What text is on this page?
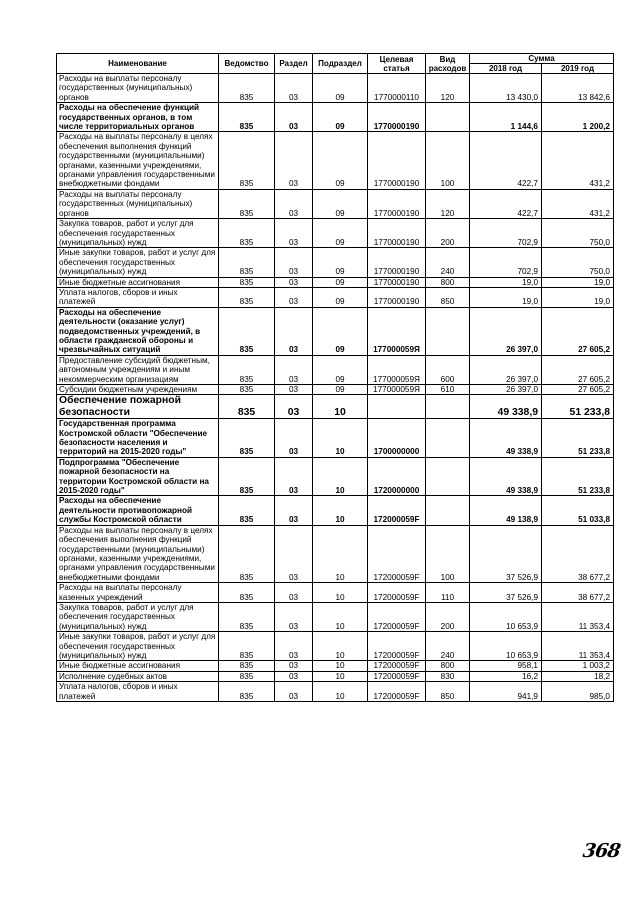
Наименование	Ведомство	Раздел	Подраздел	Целевая статья	Вид расходов	Сумма	
						2018 год	2019 год
Расходы на выплаты персоналу государственных (муниципальных) органов	835	03	09	1770000110	120	13 430,0	13 842,6
Расходы на обеспечение функций государственных органов, в том числе территориальных органов	835	03	09	1770000190		1 144,6	1 200,2
Расходы на выплаты персоналу в целях обеспечения выполнения функций государственными (муниципальными) органами, казенными учреждениями, органами управления государственными внебюджетными фондами	835	03	09	1770000190	100	422,7	431,2
Расходы на выплаты персоналу государственных (муниципальных) органов	835	03	09	1770000190	120	422,7	431,2
Закупка товаров, работ и услуг для обеспечения государственных (муниципальных) нужд	835	03	09	1770000190	200	702,9	750,0
Иные закупки товаров, работ и услуг для обеспечения государственных (муниципальных) нужд	835	03	09	1770000190	240	702,9	750,0
Иные бюджетные ассигнования	835	03	09	1770000190	800	19,0	19,0
Уплата налогов, сборов и иных платежей	835	03	09	1770000190	850	19,0	19,0
Расходы на обеспечение деятельности (оказание услуг) подведомственных учреждений, в области гражданской обороны и чрезвычайных ситуаций	835	03	09	177000059Я		26 397,0	27 605,2
Предоставление субсидий бюджетным, автономным учреждениям и иным некоммерческим организациям	835	03	09	177000059Я	600	26 397,0	27 605,2
Субсидии бюджетным учреждениям	835	03	09	177000059Я	610	26 397,0	27 605,2
Обеспечение пожарной безопасности	835	03	10			49 338,9	51 233,8
Государственная программа Костромской области "Обеспечение безопасности населения и территорий на 2015-2020 годы"	835	03	10	1700000000		49 338,9	51 233,8
Подпрограмма "Обеспечение пожарной безопасности на территории Костромской области на 2015-2020 годы"	835	03	10	1720000000		49 338,9	51 233,8
Расходы на обеспечение деятельности противопожарной службы Костромской области	835	03	10	172000059F		49 138,9	51 033,8
Расходы на выплаты персоналу в целях обеспечения выполнения функций государственными (муниципальными) органами, казенными учреждениями, органами управления государственными внебюджетными фондами	835	03	10	172000059F	100	37 526,9	38 677,2
Расходы на выплаты персоналу казенных учреждений	835	03	10	172000059F	110	37 526,9	38 677,2
Закупка товаров, работ и услуг для обеспечения государственных (муниципальных) нужд	835	03	10	172000059F	200	10 653,9	11 353,4
Иные закупки товаров, работ и услуг для обеспечения государственных (муниципальных) нужд	835	03	10	172000059F	240	10 653,9	11 353,4
Иные бюджетные ассигнования	835	03	10	172000059F	800	958,1	1 003,2
Исполнение судебных актов	835	03	10	172000059F	830	16,2	18,2
Уплата налогов, сборов и иных платежей	835	03	10	172000059F	850	941,9	985,0
368
